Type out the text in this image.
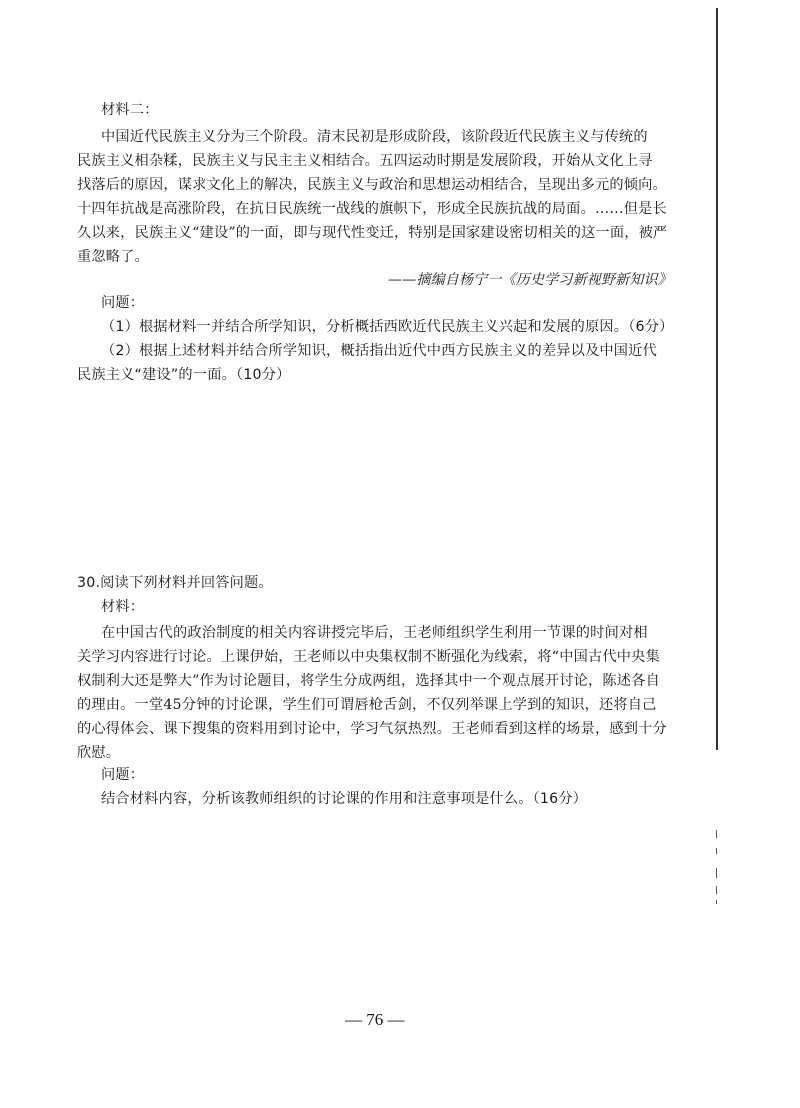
材料二：
中国近代民族主义分为三个阶段。清末民初是形成阶段，该阶段近代民族主义与传统的
民族主义相杂糅，民族主义与民主主义相结合。五四运动时期是发展阶段，开始从文化上寻
找落后的原因，谋求文化上的解决，民族主义与政治和思想运动相结合，呈现出多元的倾向。
十四年抗战是高涨阶段，在抗日民族统一战线的旗帜下，形成全民族抗战的局面。……但是长
久以来，民族主义“建设”的一面，即与现代性变迁，特别是国家建设密切相关的这一面，被严
重忽略了。
——摘编自杨宁一《历史学习新视野新知识》
问题：
（1）根据材料一并结合所学知识，分析概括西欧近代民族主义兴起和发展的原因。（6分）
（2）根据上述材料并结合所学知识，概括指出近代中西方民族主义的差异以及中国近代
民族主义“建设”的一面。（10分）
30.阅读下列材料并回答问题。
材料：
在中国古代的政治制度的相关内容讲授完毕后，王老师组织学生利用一节课的时间对相
关学习内容进行讨论。上课伊始，王老师以中央集权制不断强化为线索，将“中国古代中央集
权制利大还是弊大”作为讨论题目，将学生分成两组，选择其中一个观点展开讨论，陈述各自
的理由。一堂45分钟的讨论课，学生们可谓唇枪舌剑，不仅列举课上学到的知识，还将自己
的心得体会、课下搜集的资料用到讨论中，学习气氛热烈。王老师看到这样的场景，感到十分
欣慰。
问题：
结合材料内容，分析该教师组织的讨论课的作用和注意事项是什么。（16分）
— 76 —
